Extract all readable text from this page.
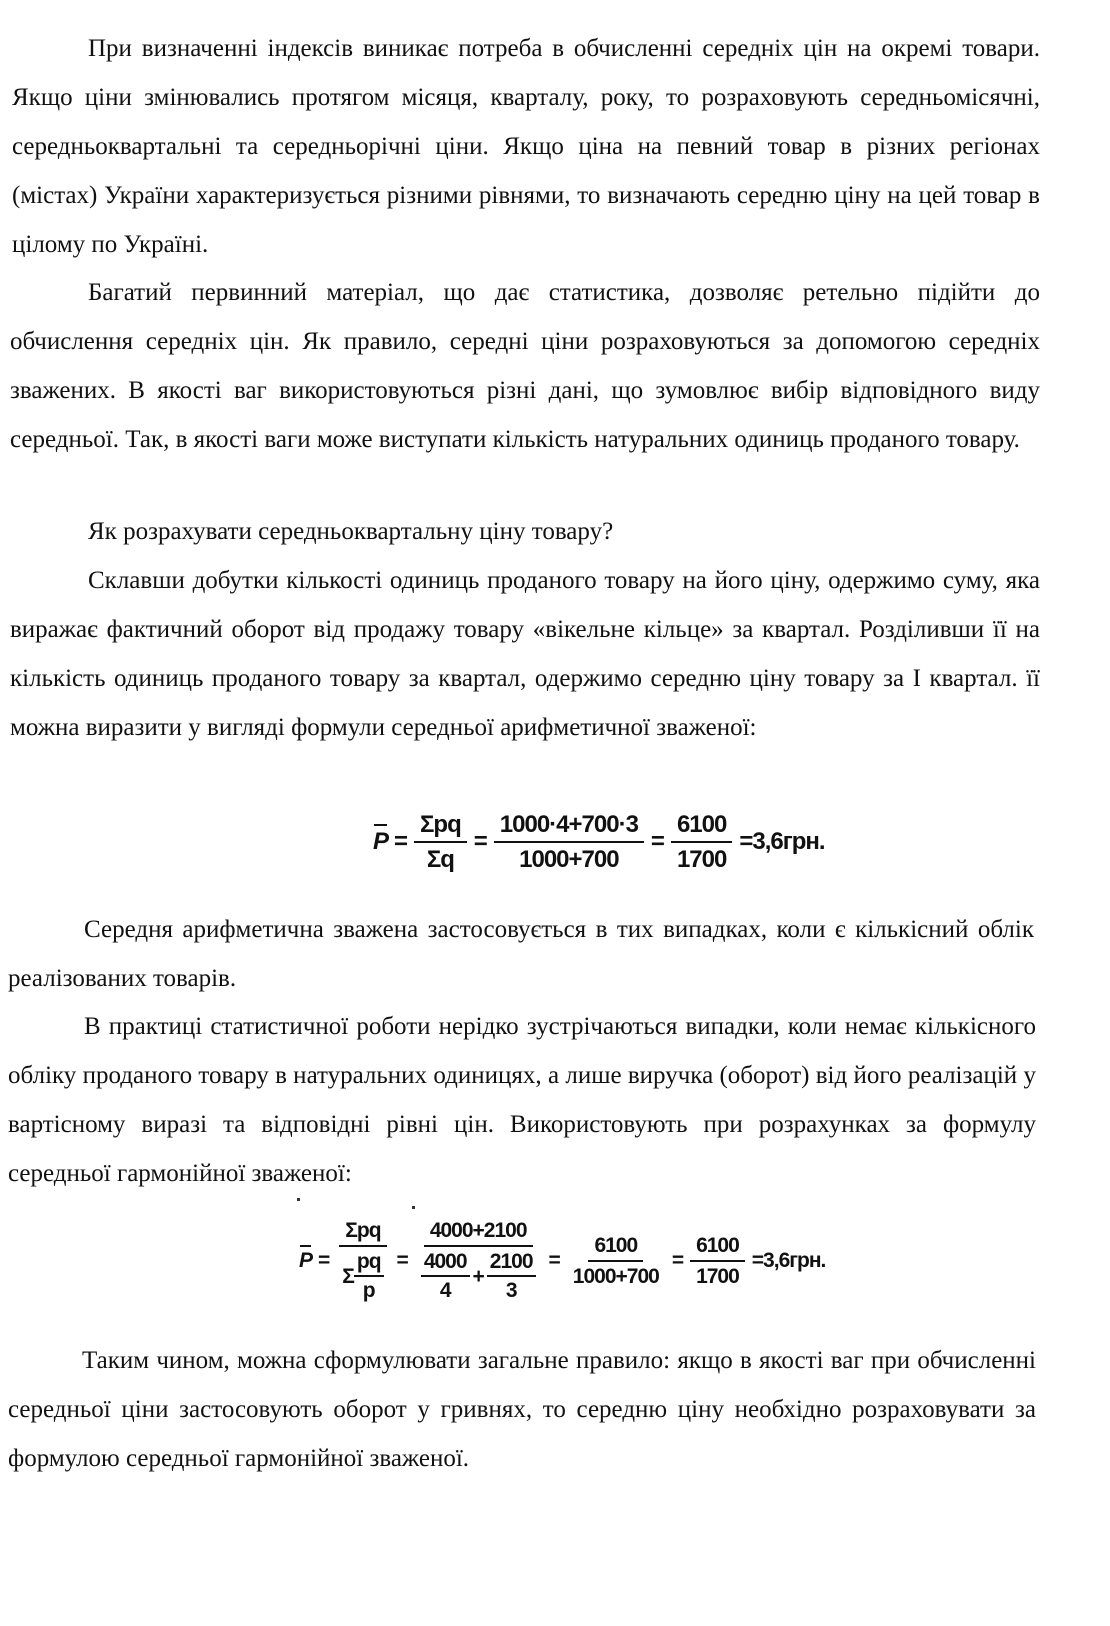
При визначенні індексів виникає потреба в обчисленні середніх цін на окремі товари. Якщо ціни змінювались протягом місяця, кварталу, року, то розраховують середньомісячні, середньоквартальні та середньорічні ціни. Якщо ціна на певний товар в різних регіонах (містах) України характеризується різними рівнями, то визначають середню ціну на цей товар в цілому по Україні.

Багатий первинний матеріал, що дає статистика, дозволяє ретельно підійти до обчислення середніх цін. Як правило, середні ціни розраховуються за допомогою середніх зважених. В якості ваг використовуються різні дані, що зумовлює вибір відповідного виду середньої. Так, в якості ваги може виступати кількість натуральних одиниць проданого товару.

Як розрахувати середньоквартальну ціну товару?

Склавши добутки кількості одиниць проданого товару на його ціну, одержимо суму, яка виражає фактичний оборот від продажу товару «вікельне кільце» за квартал. Розділивши її на кількість одиниць проданого товару за квартал, одержимо середню ціну товару за I квартал. її можна виразити у вигляді формули середньої арифметичної зваженої:

$P = \frac{\text{Σpq}}{\Sigma q} = \frac{1000\cdot 4+700\cdot 3}{1000+700} = \frac{6100}{1700} =3,6грн$.

Середня арифметична зважена застосовується в тих випадках, коли є кількісний облік реалізованих товарів.

В практиці статистичної роботи нерідко зустрічаються випадки, коли немає кількісного обліку проданого товару в натуральних одиницях, а лише виручка (оборот) від його реалізацій у вартісному виразі та відповідні рівні цін. Використовують при розрахунках за формулу середньої гармонійної зваженої:

$P = \frac{\text{Σpq}}{\Sigma \frac{pq}{p}}$ =
4000+2100
$\frac{4000}{4} + \frac{2100}{3} = \frac{6100}{1000+700} = \frac{6100}{1700} =3,6грн$.

Таким чином, можна сформулювати загальне правило: якщо в якості ваг при обчисленні середньої ціни застосовують оборот у гривнях, то середню ціну необхідно розраховувати за формулою середньої гармонійної зваженої.
